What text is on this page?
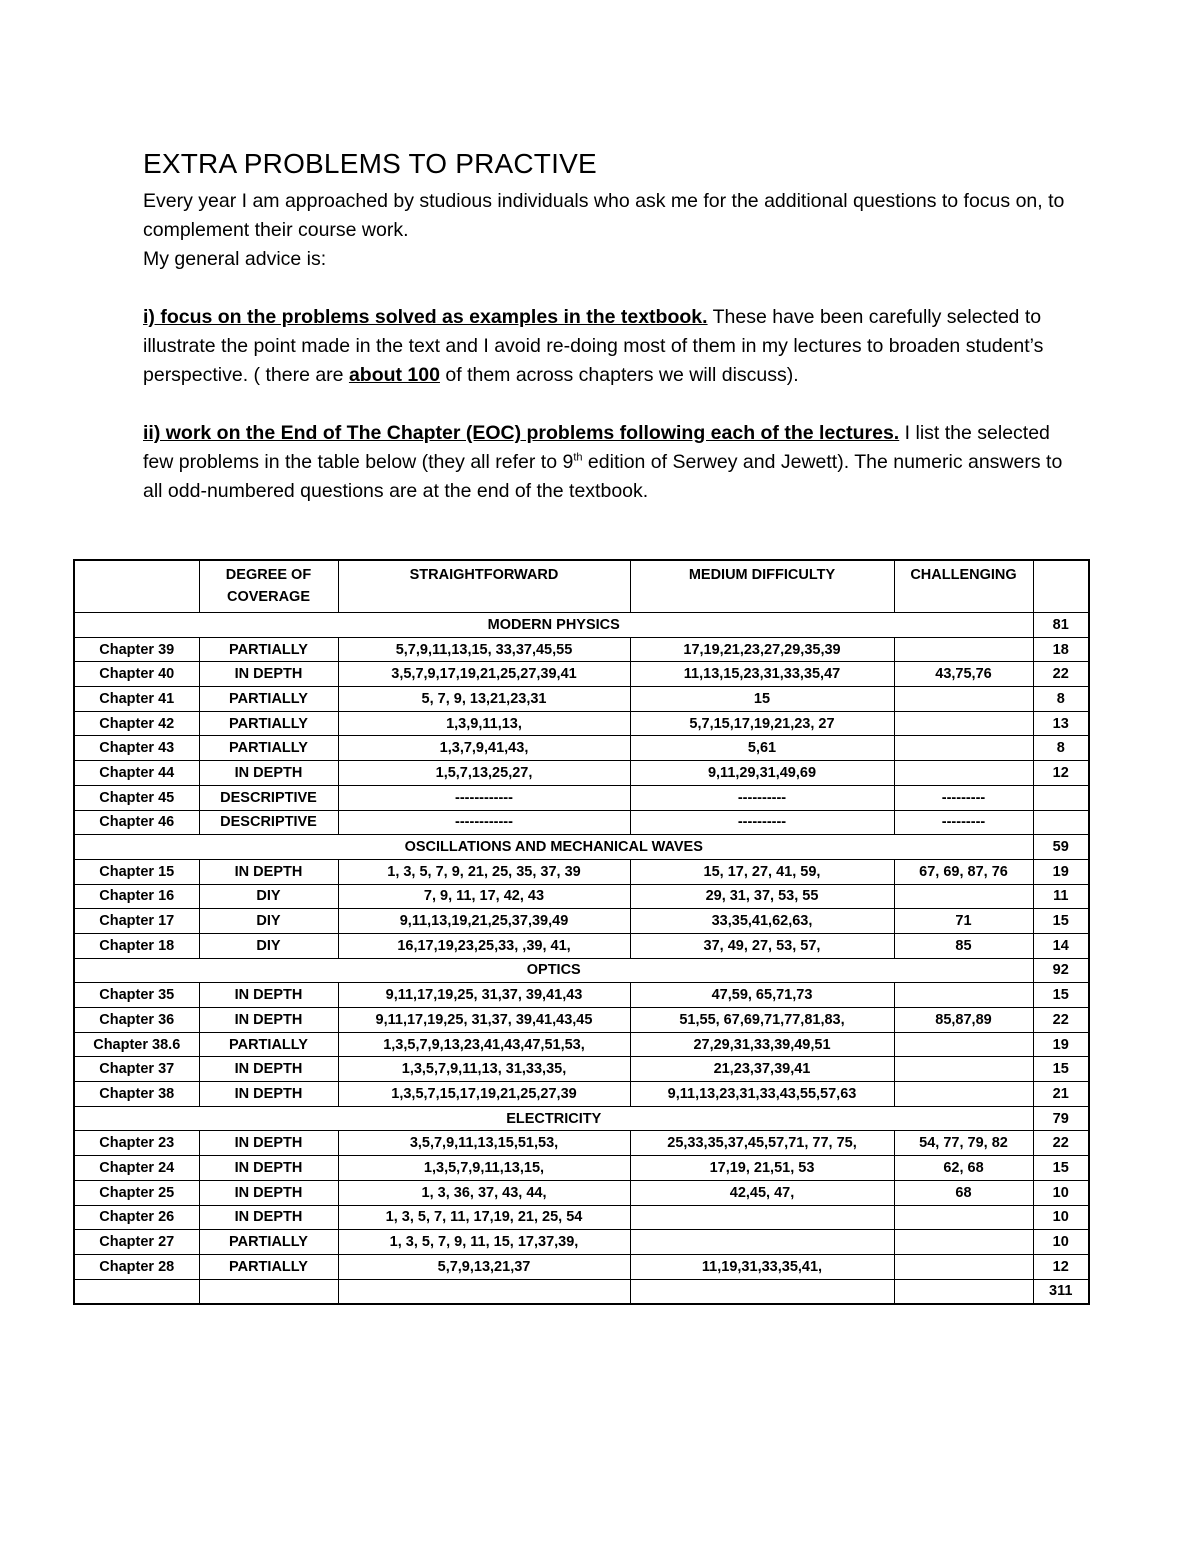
EXTRA PROBLEMS TO PRACTIVE

Every year I am approached by studious individuals who ask me for the additional questions to focus on, to complement their course work.

My general advice is:

i) focus on the problems solved as examples in the textbook. These have been carefully selected to illustrate the point made in the text and I avoid re-doing most of them in my lectures to broaden student’s perspective. ( there are about 100 of them across chapters we will discuss).

ii) work on the End of The Chapter (EOC) problems following each of the lectures. I list the selected few problems in the table below (they all refer to 9th edition of Serwey and Jewett). The numeric answers to all odd-numbered questions are at the end of the textbook.

	DEGREE OF COVERAGE	STRAIGHTFORWARD	MEDIUM DIFFICULTY	CHALLENGING	
MODERN PHYSICS					81
Chapter 39	PARTIALLY	5,7,9,11,13,15, 33,37,45,55	17,19,21,23,27,29,35,39		18
Chapter 40	IN DEPTH	3,5,7,9,17,19,21,25,27,39,41	11,13,15,23,31,33,35,47	43,75,76	22
Chapter 41	PARTIALLY	5, 7, 9, 13,21,23,31	15		8
Chapter 42	PARTIALLY	1,3,9,11,13,	5,7,15,17,19,21,23, 27		13
Chapter 43	PARTIALLY	1,3,7,9,41,43,	5,61		8
Chapter 44	IN DEPTH	1,5,7,13,25,27,	9,11,29,31,49,69		12
Chapter 45	DESCRIPTIVE	------------	----------	---------	
Chapter 46	DESCRIPTIVE	------------	----------	---------	
OSCILLATIONS AND MECHANICAL WAVES					59
Chapter 15	IN DEPTH	1, 3, 5, 7, 9, 21, 25, 35, 37, 39	15, 17, 27, 41, 59,	67, 69, 87, 76	19
Chapter 16	DIY	7, 9, 11, 17, 42, 43	29, 31, 37, 53, 55		11
Chapter 17	DIY	9,11,13,19,21,25,37,39,49	33,35,41,62,63,	71	15
Chapter 18	DIY	16,17,19,23,25,33, ,39, 41,	37, 49, 27, 53, 57,	85	14
OPTICS					92
Chapter 35	IN DEPTH	9,11,17,19,25, 31,37, 39,41,43	47,59, 65,71,73		15
Chapter 36	IN DEPTH	9,11,17,19,25, 31,37, 39,41,43,45	51,55, 67,69,71,77,81,83,	85,87,89	22
Chapter 38.6	PARTIALLY	1,3,5,7,9,13,23,41,43,47,51,53,	27,29,31,33,39,49,51		19
Chapter 37	IN DEPTH	1,3,5,7,9,11,13, 31,33,35,	21,23,37,39,41		15
Chapter 38	IN DEPTH	1,3,5,7,15,17,19,21,25,27,39	9,11,13,23,31,33,43,55,57,63		21
ELECTRICITY					79
Chapter 23	IN DEPTH	3,5,7,9,11,13,15,51,53,	25,33,35,37,45,57,71, 77, 75,	54, 77, 79, 82	22
Chapter 24	IN DEPTH	1,3,5,7,9,11,13,15,	17,19, 21,51, 53	62, 68	15
Chapter 25	IN DEPTH	1, 3, 36, 37, 43, 44,	42,45, 47,	68	10
Chapter 26	IN DEPTH	1, 3, 5, 7, 11, 17,19, 21, 25, 54			10
Chapter 27	PARTIALLY	1, 3, 5, 7, 9, 11, 15, 17,37,39,			10
Chapter 28	PARTIALLY	5,7,9,13,21,37	11,19,31,33,35,41,		12
					311
